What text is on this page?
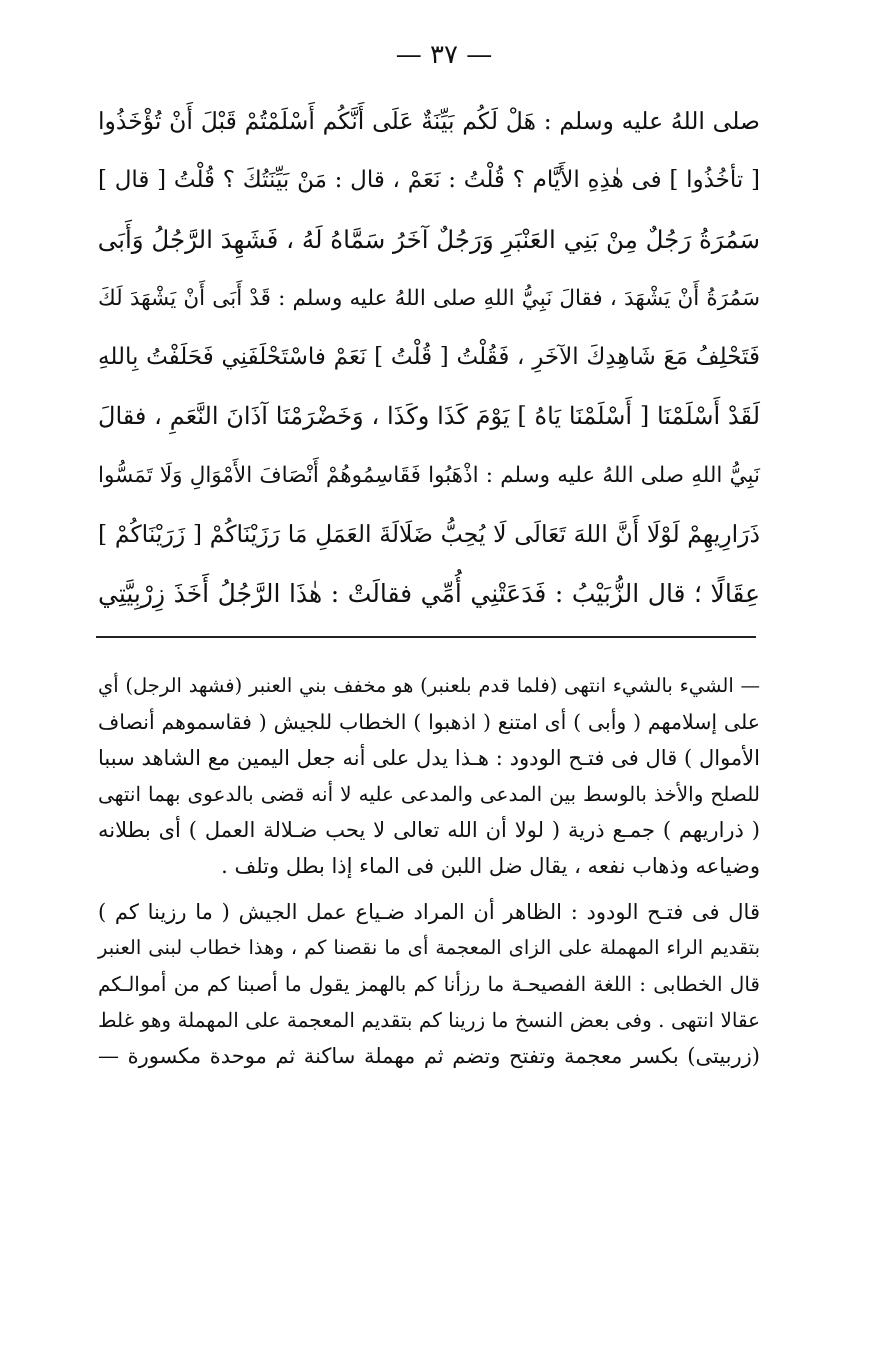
— ٣٧ —
صلى اللهُ عليه وسلم : هَلْ لَكُم بَيِّنَةٌ عَلَى أَنَّكُم أَسْلَمْتُمْ قَبْلَ أَنْ تُؤْخَذُوا
[ تأخُذُوا ] فى هٰذِهِ الأَيَّام ؟ قُلْتُ : نَعَمْ ، قال : مَنْ بَيِّنَتُكَ ؟ قُلْتُ [ قال ]
سَمُرَةُ رَجُلٌ مِنْ بَنِي العَنْبَرِ وَرَجُلٌ آخَرُ سَمَّاهُ لَهُ ، فَشَهِدَ الرَّجُلُ وَأَبَى
سَمُرَةُ أَنْ يَشْهَدَ ، فقالَ نَبِيُّ اللهِ صلى اللهُ عليه وسلم : قَدْ أَبَى أَنْ يَشْهَدَ لَكَ
فَتَحْلِفُ مَعَ شَاهِدِكَ الآخَرِ ، فَقُلْتُ [ قُلْتُ ] نَعَمْ فاسْتَحْلَفَنِي فَحَلَفْتُ بِاللهِ
لَقَدْ أَسْلَمْنَا [ أَسْلَمْنَا يَاهُ ] يَوْمَ كَذَا وكَذَا ، وَخَضْرَمْنَا آذَانَ النَّعَمِ ، فقالَ
نَبِيُّ اللهِ صلى اللهُ عليه وسلم : اذْهَبُوا فَقَاسِمُوهُمْ أَنْصَافَ الأَمْوَالِ وَلَا تَمَسُّوا
ذَرَارِيهِمْ لَوْلَا أَنَّ اللهَ تَعَالَى لَا يُحِبُّ ضَلَالَةَ العَمَلِ مَا رَزَيْنَاكُمْ [ زَرَيْنَاكُمْ ]
عِقَالًا ؛ قال الزُّبَيْبُ : فَدَعَتْنِي أُمِّي فقالَتْ : هٰذَا الرَّجُلُ أَخَذَ زِرْبِيَّتِي
— الشيء بالشيء انتهى (فلما قدم بلعنبر) هو مخفف بني العنبر (فشهد الرجل) أي
على إسلامهم ( وأبى ) أى امتنع ( اذهبوا ) الخطاب للجيش ( فقاسموهم أنصاف
الأموال ) قال فى فتـح الودود : هـذا يدل على أنه جعل اليمين مع الشاهد سببا
للصلح والأخذ بالوسط بين المدعى والمدعى عليه لا أنه قضى بالدعوى بهما انتهى
( ذراريهم ) جمـع ذرية ( لولا أن الله تعالى لا يحب ضـلالة العمل ) أى بطلانه
وضياعه وذهاب نفعه ، يقال ضل اللبن فى الماء إذا بطل وتلف .
قال فى فتـح الودود : الظاهر أن المراد ضـياع عمل الجيش ( ما رزينا كم )
بتقديم الراء المهملة على الزاى المعجمة أى ما نقصنا كم ، وهذا خطاب لبنى العنبر
قال الخطابى : اللغة الفصيحـة ما رزأنا كم بالهمز يقول ما أصبنا كم من أموالـكم
عقالا انتهى . وفى بعض النسخ ما زرينا كم بتقديم المعجمة على المهملة وهو غلط
(زربيتى) بكسر معجمة وتفتح وتضم ثم مهملة ساكنة ثم موحدة مكسورة —
